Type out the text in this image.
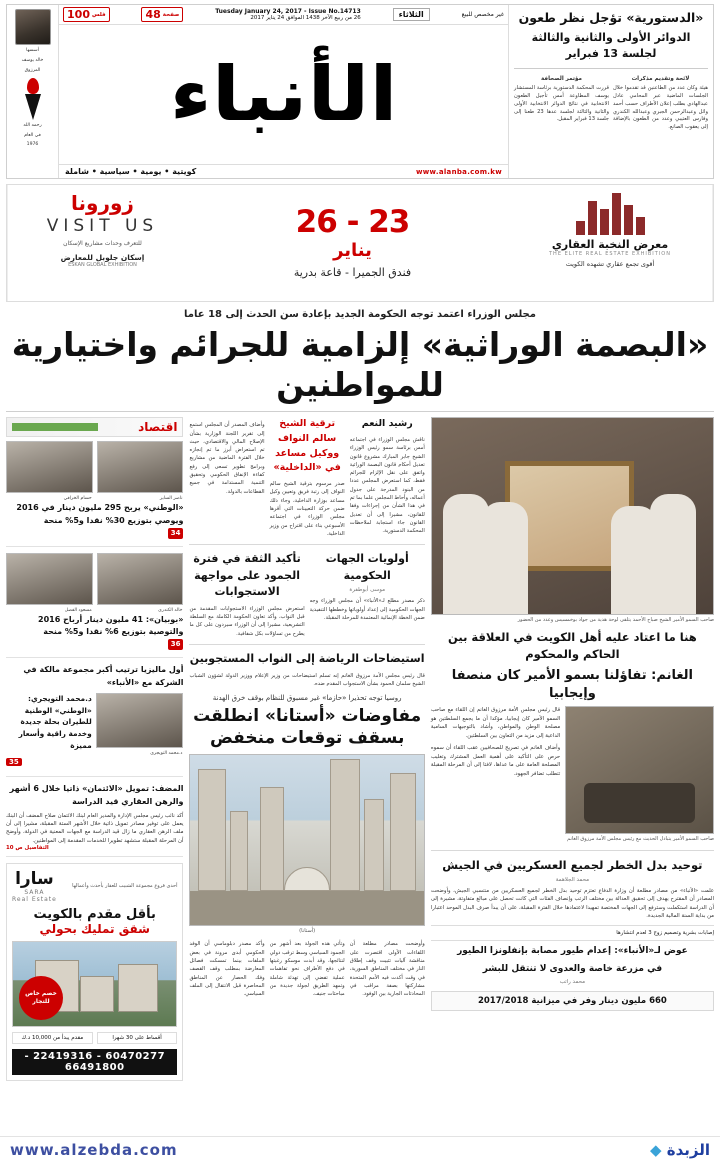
«الدستورية» تؤجل نظر طعون
الدوائر الأولى والثانية والثالثة لجلسة 13 فبراير
لائحة وتقديم مذكرات
هيئة وكان عدد من الطاعنين قد تقدموا خلال الجلسات الماضية عبر المحامي عادل عبدالهادي بطلب إعلان الأطراف حسب أحمد وائل وعبدالرحمن الجبري وعبدالله الكندري وفارس العتيبي وعدد من الطعون بالإضافة إلى يعقوب الصانع.
مؤتمر الصحافة
قررت المحكمة الدستورية برئاسة المستشار يوسف المطاوعة أمس تأجيل الطعون الانتخابية في نتائج الدوائر الانتخابية الأولى والثانية والثالثة لجلسة عدها 23 طعنا إلى جلسة 13 فبراير المقبل.
غير مخصص للبيع
الثلاثاء
Tuesday January 24, 2017 - Issue No.14713
26 من ربيع الآخر 1438 الموافق 24 يناير 2017
صفحة
48
فلس
100
الأنباء
www.alanba.com.kw
كويتية • يومية • سياسية • شاملة
أسسها
خالد يوسف
المرزوق
رحمه الله
في العام
1976
معرض النخبة العقاري
THE ELITE REAL ESTATE EXHIBITION
أقوى تجمع عقاري تشهده الكويت
23 - 26
يناير
فندق الجميرا - قاعة بدرية
زورونا
VISIT US
للتعرف وحدات مشاريع الإسكان
إسكان جلوبل للمعارض
ESKAN GLOBAL EXHIBITION
مجلس الوزراء اعتمد توجه الحكومة الجديد بإعادة سن الحدث إلى 18 عاما
«البصمة الوراثية» إلزامية للجرائم واختيارية للمواطنين
صاحب السمو الأمير الشيخ صباح الأحمد يتلقى لوحة هدية من جواد بوخمسيس وعدد من الحضور
هنا ما اعتاد عليه أهل الكويت في العلاقة بين الحاكم والمحكوم
الغانم: تفاؤلنا بسمو الأمير كان منصفا وإيجابيا
صاحب السمو الأمير يتبادل الحديث مع رئيس مجلس الأمة مرزوق الغانم
قال رئيس مجلس الأمة مرزوق الغانم إن اللقاء مع صاحب السمو الأمير كان إيجابيا، مؤكدا أن ما يجمع السلطتين هو مصلحة الوطن والمواطن، وأشاد بالتوجيهات السامية الداعية إلى مزيد من التعاون بين السلطتين.
وأضاف الغانم في تصريح للصحافيين عقب اللقاء أن سموه حرص على التأكيد على أهمية العمل المشترك وتغليب المصلحة العامة على ما عداها، لافتا إلى أن المرحلة المقبلة تتطلب تضافر الجهود.
توحيد بدل الخطر لجميع العسكريين في الجيش
محمد الجلاهمة
علمت «الأنباء» من مصادر مطلعة أن وزارة الدفاع تعتزم توحيد بدل الخطر لجميع العسكريين من منتسبي الجيش، وأوضحت المصادر أن المقترح يهدف إلى تحقيق العدالة بين مختلف الرتب وإنصاف الفئات التي كانت تحصل على مبالغ متفاوتة، مشيرة إلى أن الدراسة استكملت وسترفع إلى الجهات المختصة تمهيدا لاعتمادها خلال الفترة المقبلة، على أن يبدأ صرف البدل الموحد اعتبارا من بداية السنة المالية الجديدة.
إصابات بشرية وتصميم زوج 3 لعدم انتشارها
عوض لـ«الأنباء»: إعدام طيور مصابة بإنفلونزا الطيور
في مزرعة خاصة والعدوى لا تنتقل للبشر
محمد راتب
660 مليون دينار وفر في ميزانية 2017/2018
رشيد النعم
ناقش مجلس الوزراء في اجتماعه أمس برئاسة سمو رئيس الوزراء الشيخ جابر المبارك مشروع قانون تعديل أحكام قانون البصمة الوراثية واتفق على نقل الإلزام للجرائم فقط، كما استعرض المجلس عددا من البنود المدرجة على جدول أعماله، وأحاط المجلس علما بما تم في هذا الشأن من إجراءات وفقا للقانون، مشيرا إلى أن تعديل القانون جاء استجابة لملاحظات المحكمة الدستورية.
ترقية الشيخ سالم النواف ووكيل مساعد في «الداخلية»
صدر مرسوم بترقية الشيخ سالم النواف إلى رتبة فريق وتعيين وكيل مساعد بوزارة الداخلية، وجاء ذلك ضمن حركة التعيينات التي أقرها مجلس الوزراء في اجتماعه الأسبوعي بناء على اقتراح من وزير الداخلية.
وأضاف المصدر أن المجلس استمع إلى تقرير اللجنة الوزارية بشأن الإصلاح المالي والاقتصادي، حيث تم استعراض أبرز ما تم إنجازه خلال الفترة الماضية من مشاريع وبرامج تطوير تسعى إلى رفع كفاءة الإنفاق الحكومي وتحقيق التنمية المستدامة في جميع القطاعات بالدولة.
أولويات الجهات الحكومية
موسى أبوطفرة
ذكر مصدر مطلع لـ«الأنباء» أن مجلس الوزراء وجه الجهات الحكومية إلى إعداد أولوياتها وخططها التنفيذية ضمن الخطة الإنمائية المعتمدة للمرحلة المقبلة.
تأكيد الثقة في فترة الجمود على مواجهة الاستجوابات
استعرض مجلس الوزراء الاستجوابات المقدمة من قبل النواب، وأكد تعاون الحكومة الكاملة مع السلطة التشريعية، مشيرا إلى أن الوزراء سيردون على كل ما يطرح من تساؤلات بكل شفافية.
استيضاحات الرياضة إلى النواب المستجوبين
قال رئيس مجلس الأمة مرزوق الغانم إنه تسلم استيضاحات من وزير الإعلام ووزير الدولة لشؤون الشباب الشيخ سلمان الحمود بشأن الاستجواب المقدم ضده.
روسيا توجه تحذيرا «حازما» غير مسبوق للنظام بوقف خرق الهدنة
مفاوضات «أستانا» انطلقت بسقف توقعات منخفض
(أستانا)
وأوضحت مصادر مطلعة أن اللقاءات الأولى اقتصرت على مناقشة آليات تثبيت وقف إطلاق النار في مختلف المناطق السورية، في وقت أكدت فيه الأمم المتحدة مشاركتها بصفة مراقب في المحادثات الجارية بين الوفود.
وتأتي هذه الجولة بعد أشهر من الجمود السياسي وسط ترقب دولي لنتائجها، وقد أبدت موسكو رغبتها في دفع الأطراف نحو تفاهمات عملية تفضي إلى تهدئة شاملة وتمهد الطريق لجولة جديدة من مباحثات جنيف.
وأكد مصدر دبلوماسي أن الوفد الحكومي أبدى مرونة في بعض الملفات بينما تمسكت فصائل المعارضة بمطلب وقف القصف وفك الحصار عن المناطق المحاصرة قبل الانتقال إلى الملف السياسي.
اقتصاد
ناصر الساير
حسام الخرافي
«الوطني» يربح 295 مليون دينار في 2016
ويوصي بتوزيع 30% نقدا و5% منحة
34
خالد الكندري
مسعود الفضل
«بوبيان»: 41 مليون دينار أرباح 2016
والتوصية بتوزيع 6% نقدا و5% منحة
36
أول ماليزيا ترتيب أكبر مجموعة مالكة في الشركة مع «الأنباء»
د.محمد التويجري
د.محمد التويجري: «الوطني» الوطنية للطيران بحلة جديدة وخدمة راقية وأسعار مميزة
35
المضف: تمويل «الائتمان» ذاتيا خلال 6 أشهر والرهن العقاري قيد الدراسة
أكد نائب رئيس مجلس الإدارة والمدير العام لبنك الائتمان صلاح المضف أن البنك يعمل على توفير مصادر تمويل ذاتية خلال الأشهر الستة المقبلة، مشيرا إلى أن ملف الرهن العقاري ما زال قيد الدراسة مع الجهات المعنية في الدولة، وأوضح أن المرحلة المقبلة ستشهد تطويرا للخدمات المقدمة إلى المواطنين.
التفاصيل ص 10
أحدى فروع مجموعة الشبيب للعقار بأحدث وأعمالها
سارا
SARA
Real Estate
بأقل مقدم بالكويت
شقق تمليك بحولي
خصم خاص للتجار
أقساط على 30 شهرا
مقدم يبدأ من 10,000 د.ك
60470277 - 22419316 - 66491800
الزبدة ◆
www.alzebda.com
